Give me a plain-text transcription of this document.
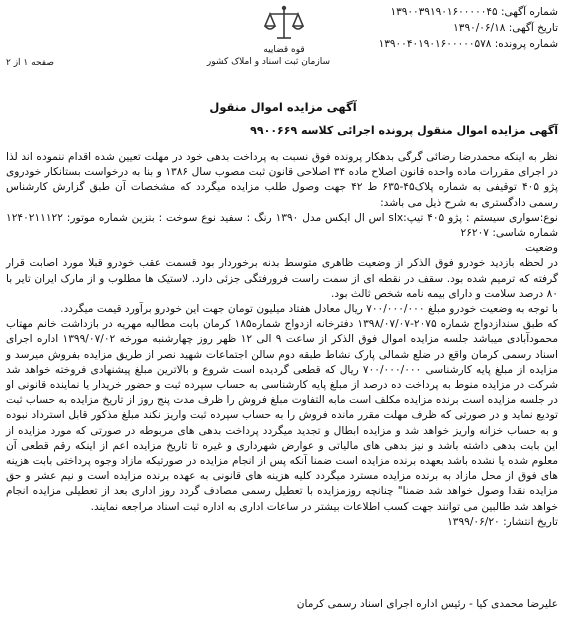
شماره آگهی: ۱۳۹۰۰۳۹۱۹۰۱۶۰۰۰۰۰۴۵
تاریخ آگهی: ۱۳۹۰/۰۶/۱۸
شماره پرونده: ۱۳۹۰۰۴۰۱۹۰۱۶۰۰۰۰۰۵۷۸
قوه قضاییه
سازمان ثبت اسناد و املاک کشور
صفحه ۱ از ۲
آگهی مزایده اموال منقول
آگهی مزایده اموال منقول پرونده اجرائی کلاسه ۹۹۰۰۶۶۹

نظر به اینکه محمدرضا رضائی گرگی بدهکار پرونده فوق نسبت به پرداخت بدهی خود در مهلت تعیین شده اقدام ننموده اند لذا در اجرای مقررات ماده واحده قانون اصلاح ماده ۳۴ اصلاحی قانون ثبت مصوب سال ۱۳۸۶ و بنا به درخواست بستانکار خودروی پژو ۴۰۵ توقیفی به شماره پلاک۴۵-۶۳۵ ط ۴۲ جهت وصول طلب مزایده میگردد که مشخصات آن طبق گزارش کارشناس رسمی دادگستری به شرح ذیل می باشد:

نوع:سواری سیستم : پژو ۴۰۵ تیپ:slx اس ال ایکس مدل ۱۳۹۰ رنگ : سفید نوع سوخت : بنزین شماره موتور: ۱۲۴۰۲۱۱۱۲۲ شماره شاسی: ۲۶۲۰۷

وضعیت

در لحظه بازدید خودرو فوق الذکر از وضعیت ظاهری متوسط بدنه برخوردار بود قسمت عقب خودرو قبلا مورد اصابت قرار گرفته که ترمیم شده بود. سقف در نقطه ای از سمت راست فرورفتگی جزئی دارد. لاستیک ها مطلوب و از مارک ایران تایر با ۸۰ درصد سلامت و دارای بیمه نامه شخص ثالث بود.

با توجه به وضعیت خودرو مبلغ ۷۰۰/۰۰۰/۰۰۰ ریال معادل هفتاد میلیون تومان جهت این خودرو برآورد قیمت میگردد.

که طبق سندازدواج شماره ۲۰۷۵-۱۳۹۸/۰۷/۰۷ دفترخانه ازدواج شماره۱۸۵ کرمان بابت مطالبه مهریه در بازداشت خانم مهتاب محمودآبادی میباشد جلسه مزایده اموال فوق الذکر از ساعت ۹ الی ۱۲ ظهر روز چهارشنبه مورخه ۱۳۹۹/۰۷/۰۲ اداره اجرای اسناد رسمی کرمان واقع در ضلع شمالی پارک نشاط طبقه دوم سالن اجتماعات شهید نصر از طریق مزایده بفروش میرسد و مزایده از مبلغ پایه کارشناسی ۷۰۰/۰۰۰/۰۰۰ ریال که قطعی گردیده است شروع و بالاترین مبلغ پیشنهادی فروخته خواهد شد شرکت در مزایده منوط به پرداخت ده درصد از مبلغ پایه کارشناسی به حساب سپرده ثبت و حضور خریدار یا نماینده قانونی او در جلسه مزایده است برنده مزایده مکلف است مابه التفاوت مبلغ فروش را ظرف مدت پنج روز از تاریخ مزایده به حساب ثبت تودیع نماید و در صورتی که ظرف مهلت مقرر مانده فروش را به حساب سپرده ثبت واریز نکند مبلغ مذکور قابل استرداد نبوده و به حساب خزانه واریز خواهد شد و مزایده ابطال و تجدید میگردد پرداخت بدهی های مربوطه در صورتی که مورد مزایده از این بابت بدهی داشته باشد و نیز بدهی های مالیاتی و عوارض شهرداری و غیره تا تاریخ مزایده اعم از اینکه رقم قطعی آن معلوم شده یا نشده باشد بعهده برنده مزایده است ضمنا آنکه پس از انجام مزایده در صورتیکه مازاد وجوه پرداختی بابت هزینه های فوق از محل مازاد به برنده مزایده مسترد میگردد کلیه هزینه های قانونی به عهده برنده مزایده است و نیم عشر و حق مزایده نقدا وصول خواهد شد ضمنا" چنانچه روزمزایده با تعطیل رسمی مصادف گردد روز اداری بعد از تعطیلی مزایده انجام خواهد شد طالبین می توانند جهت کسب اطلاعات بیشتر در ساعات اداری به اداره ثبت اسناد مراجعه نمایند.

تاریخ انتشار: ۱۳۹۹/۰۶/۲۰

علیرضا محمدی کیا - رئیس اداره اجرای اسناد رسمی کرمان
